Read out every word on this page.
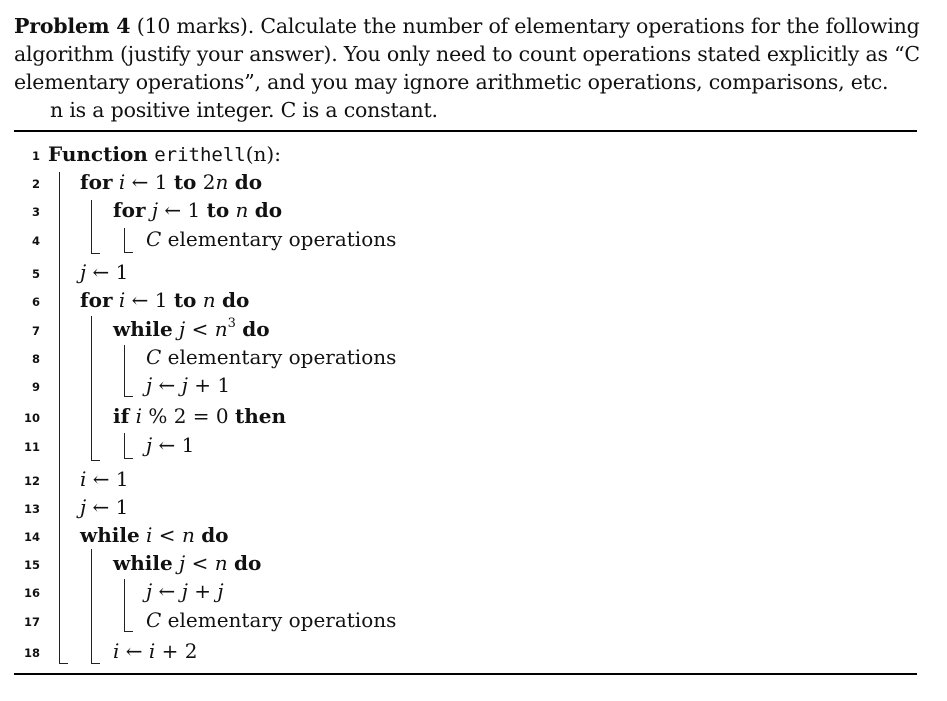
Problem 4 (10 marks). Calculate the number of elementary operations for the following algorithm (justify your answer). You only need to count operations stated explicitly as “C elementary operations”, and you may ignore arithmetic operations, comparisons, etc.

n is a positive integer. C is a constant.

1
2
3
4
5
6
7
8
9
10
11
12
13
14
15
16
17
18
Function erithell(n):
for i ← 1 to 2n do
for j ← 1 to n do
C elementary operations
j ← 1
for i ← 1 to n do
while $j < n^3$ do
C elementary operations
j ← j + 1
if i % 2 = 0 then
j ← 1
i ← 1
j ← 1
while i < n do
while j < n do
j ← j + j
C elementary operations
i ← i + 2
